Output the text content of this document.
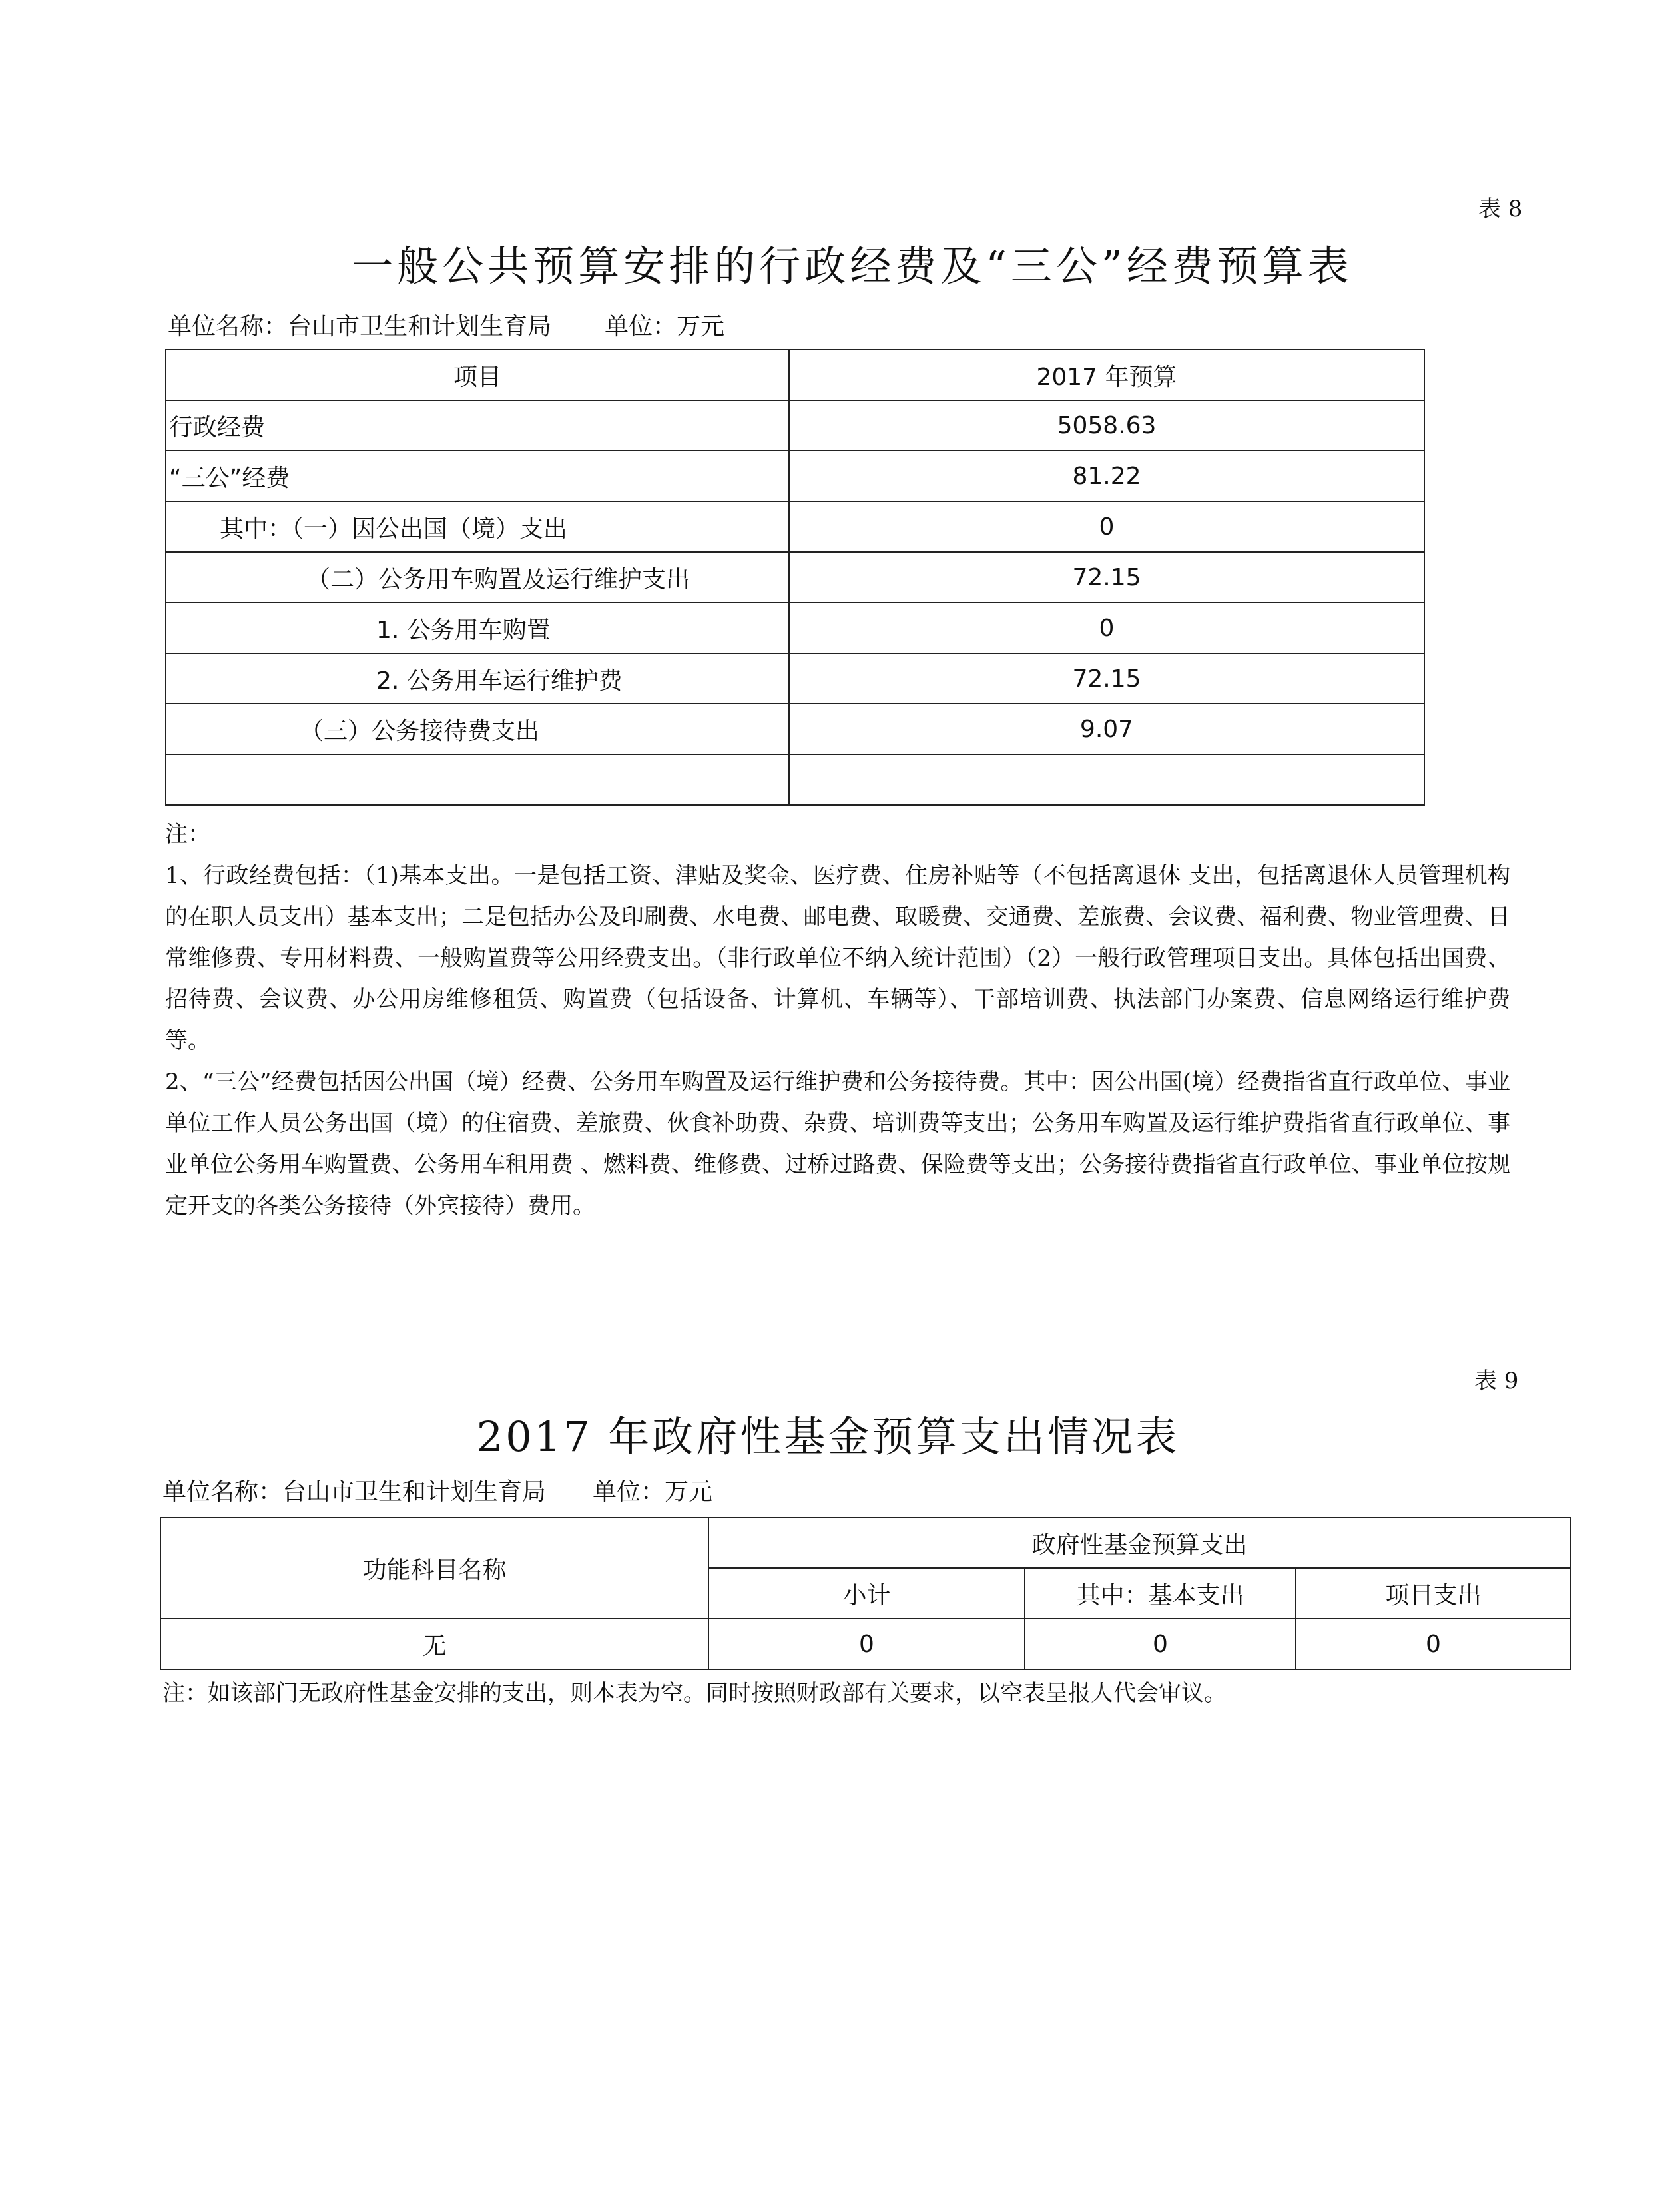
表 8
一般公共预算安排的行政经费及“三公”经费预算表
单位名称：台山市卫生和计划生育局 单位：万元
项目	2017 年预算
行政经费	5058.63
“三公”经费	81.22
其中：（一）因公出国（境）支出	0
（二）公务用车购置及运行维护支出	72.15
1. 公务用车购置	0
2. 公务用车运行维护费	72.15
（三）公务接待费支出	9.07

注：

1、行政经费包括：（1)基本支出。一是包括工资、津贴及奖金、医疗费、住房补贴等（不包括离退休 支出，包括离退休人员管理机构的在职人员支出）基本支出；二是包括办公及印刷费、水电费、邮电费、取暖费、交通费、差旅费、会议费、福利费、物业管理费、日常维修费、专用材料费、一般购置费等公用经费支出。（非行政单位不纳入统计范围）（2）一般行政管理项目支出。具体包括出国费、招待费、会议费、办公用房维修租赁、购置费（包括设备、计算机、车辆等）、干部培训费、执法部门办案费、信息网络运行维护费等。

2、“三公”经费包括因公出国（境）经费、公务用车购置及运行维护费和公务接待费。其中：因公出国(境）经费指省直行政单位、事业单位工作人员公务出国（境）的住宿费、差旅费、伙食补助费、杂费、培训费等支出；公务用车购置及运行维护费指省直行政单位、事业单位公务用车购置费、公务用车租用费 、燃料费、维修费、过桥过路费、保险费等支出；公务接待费指省直行政单位、事业单位按规定开支的各类公务接待（外宾接待）费用。

表 9
2017 年政府性基金预算支出情况表
单位名称：台山市卫生和计划生育局 单位：万元
功能科目名称	政府性基金预算支出		
	小计	其中：基本支出	项目支出
无	0	0	0
注：如该部门无政府性基金安排的支出，则本表为空。同时按照财政部有关要求，以空表呈报人代会审议。
